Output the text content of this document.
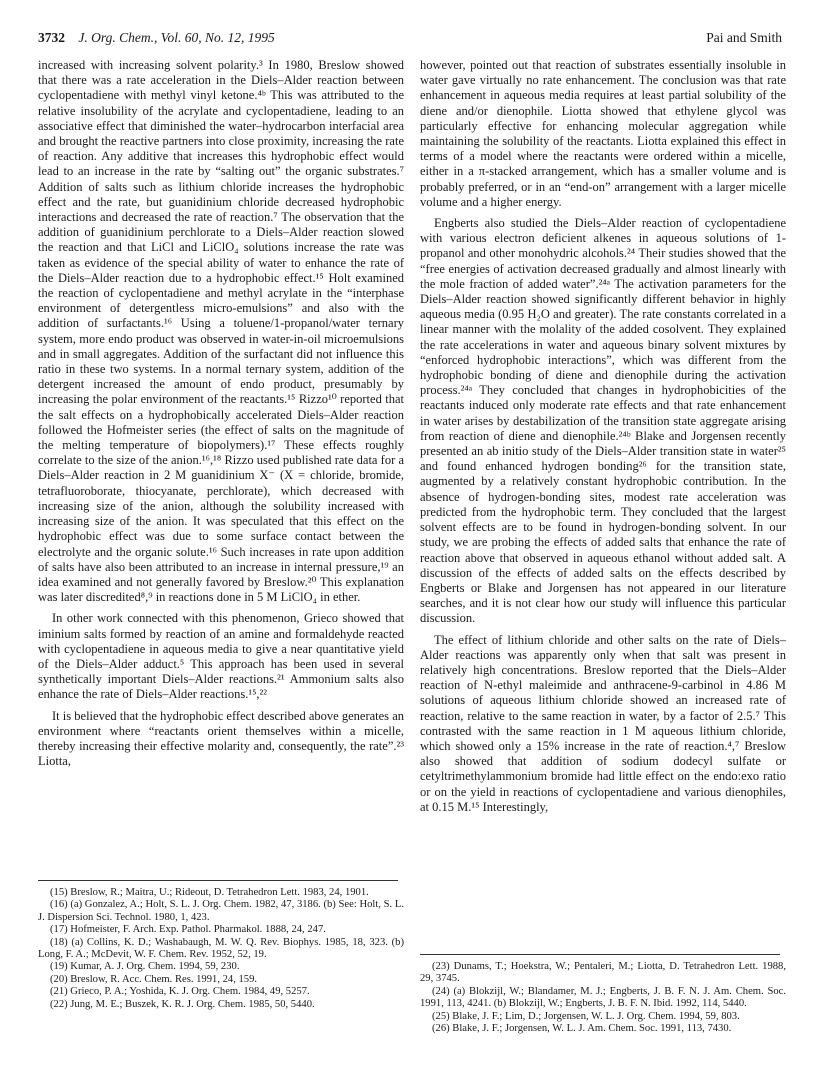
3732 J. Org. Chem., Vol. 60, No. 12, 1995	Pai and Smith

increased with increasing solvent polarity.³ In 1980, Breslow showed that there was a rate acceleration in the Diels–Alder reaction between cyclopentadiene with methyl vinyl ketone.⁴ᵇ This was attributed to the relative insolubility of the acrylate and cyclopentadiene, leading to an associative effect that diminished the water–hydrocarbon interfacial area and brought the reactive partners into close proximity, increasing the rate of reaction. Any additive that increases this hydrophobic effect would lead to an increase in the rate by “salting out” the organic substrates.⁷ Addition of salts such as lithium chloride increases the hydrophobic effect and the rate, but guanidinium chloride decreased hydrophobic interactions and decreased the rate of reaction.⁷ The observation that the addition of guanidinium perchlorate to a Diels–Alder reaction slowed the reaction and that LiCl and LiClO₄ solutions increase the rate was taken as evidence of the special ability of water to enhance the rate of the Diels–Alder reaction due to a hydrophobic effect.¹⁵ Holt examined the reaction of cyclopentadiene and methyl acrylate in the “interphase environment of detergentless micro-emulsions” and also with the addition of surfactants.¹⁶ Using a toluene/1-propanol/water ternary system, more endo product was observed in water-in-oil microemulsions and in small aggregates. Addition of the surfactant did not influence this ratio in these two systems. In a normal ternary system, addition of the detergent increased the amount of endo product, presumably by increasing the polar environment of the reactants.¹⁵ Rizzo¹⁰ reported that the salt effects on a hydrophobically accelerated Diels–Alder reaction followed the Hofmeister series (the effect of salts on the magnitude of the melting temperature of biopolymers).¹⁷ These effects roughly correlate to the size of the anion.¹⁶,¹⁸ Rizzo used published rate data for a Diels–Alder reaction in 2 M guanidinium X⁻ (X = chloride, bromide, tetrafluoroborate, thiocyanate, perchlorate), which decreased with increasing size of the anion, although the solubility increased with increasing size of the anion. It was speculated that this effect on the hydrophobic effect was due to some surface contact between the electrolyte and the organic solute.¹⁶ Such increases in rate upon addition of salts have also been attributed to an increase in internal pressure,¹⁹ an idea examined and not generally favored by Breslow.²⁰ This explanation was later discredited⁸,⁹ in reactions done in 5 M LiClO₄ in ether.

In other work connected with this phenomenon, Grieco showed that iminium salts formed by reaction of an amine and formaldehyde reacted with cyclopentadiene in aqueous media to give a near quantitative yield of the Diels–Alder adduct.⁵ This approach has been used in several synthetically important Diels–Alder reactions.²¹ Ammonium salts also enhance the rate of Diels–Alder reactions.¹⁵,²²

It is believed that the hydrophobic effect described above generates an environment where “reactants orient themselves within a micelle, thereby increasing their effective molarity and, consequently, the rate”.²³ Liotta,

however, pointed out that reaction of substrates essentially insoluble in water gave virtually no rate enhancement. The conclusion was that rate enhancement in aqueous media requires at least partial solubility of the diene and/or dienophile. Liotta showed that ethylene glycol was particularly effective for enhancing molecular aggregation while maintaining the solubility of the reactants. Liotta explained this effect in terms of a model where the reactants were ordered within a micelle, either in a π-stacked arrangement, which has a smaller volume and is probably preferred, or in an “end-on” arrangement with a larger micelle volume and a higher energy.

Engberts also studied the Diels–Alder reaction of cyclopentadiene with various electron deficient alkenes in aqueous solutions of 1-propanol and other monohydric alcohols.²⁴ Their studies showed that the “free energies of activation decreased gradually and almost linearly with the mole fraction of added water”.²⁴ᵃ The activation parameters for the Diels–Alder reaction showed significantly different behavior in highly aqueous media (0.95 H₂O and greater). The rate constants correlated in a linear manner with the molality of the added cosolvent. They explained the rate accelerations in water and aqueous binary solvent mixtures by “enforced hydrophobic interactions”, which was different from the hydrophobic bonding of diene and dienophile during the activation process.²⁴ᵃ They concluded that changes in hydrophobicities of the reactants induced only moderate rate effects and that rate enhancement in water arises by destabilization of the transition state aggregate arising from reaction of diene and dienophile.²⁴ᵇ Blake and Jorgensen recently presented an ab initio study of the Diels–Alder transition state in water²⁵ and found enhanced hydrogen bonding²⁶ for the transition state, augmented by a relatively constant hydrophobic contribution. In the absence of hydrogen-bonding sites, modest rate acceleration was predicted from the hydrophobic term. They concluded that the largest solvent effects are to be found in hydrogen-bonding solvent. In our study, we are probing the effects of added salts that enhance the rate of reaction above that observed in aqueous ethanol without added salt. A discussion of the effects of added salts on the effects described by Engberts or Blake and Jorgensen has not appeared in our literature searches, and it is not clear how our study will influence this particular discussion.

The effect of lithium chloride and other salts on the rate of Diels–Alder reactions was apparently only when that salt was present in relatively high concentrations. Breslow reported that the Diels–Alder reaction of N-ethyl maleimide and anthracene-9-carbinol in 4.86 M solutions of aqueous lithium chloride showed an increased rate of reaction, relative to the same reaction in water, by a factor of 2.5.⁷ This contrasted with the same reaction in 1 M aqueous lithium chloride, which showed only a 15% increase in the rate of reaction.⁴,⁷ Breslow also showed that addition of sodium dodecyl sulfate or cetyltrimethylammonium bromide had little effect on the endo:exo ratio or on the yield in reactions of cyclopentadiene and various dienophiles, at 0.15 M.¹⁵ Interestingly,

(15) Breslow, R.; Maitra, U.; Rideout, D. Tetrahedron Lett. 1983, 24, 1901.

(16) (a) Gonzalez, A.; Holt, S. L. J. Org. Chem. 1982, 47, 3186. (b) See: Holt, S. L. J. Dispersion Sci. Technol. 1980, 1, 423.

(17) Hofmeister, F. Arch. Exp. Pathol. Pharmakol. 1888, 24, 247.

(18) (a) Collins, K. D.; Washabaugh, M. W. Q. Rev. Biophys. 1985, 18, 323. (b) Long, F. A.; McDevit, W. F. Chem. Rev. 1952, 52, 19.

(19) Kumar, A. J. Org. Chem. 1994, 59, 230.

(20) Breslow, R. Acc. Chem. Res. 1991, 24, 159.

(21) Grieco, P. A.; Yoshida, K. J. Org. Chem. 1984, 49, 5257.

(22) Jung, M. E.; Buszek, K. R. J. Org. Chem. 1985, 50, 5440.

(23) Dunams, T.; Hoekstra, W.; Pentaleri, M.; Liotta, D. Tetrahedron Lett. 1988, 29, 3745.

(24) (a) Blokzijl, W.; Blandamer, M. J.; Engberts, J. B. F. N. J. Am. Chem. Soc. 1991, 113, 4241. (b) Blokzijl, W.; Engberts, J. B. F. N. Ibid. 1992, 114, 5440.

(25) Blake, J. F.; Lim, D.; Jorgensen, W. L. J. Org. Chem. 1994, 59, 803.

(26) Blake, J. F.; Jorgensen, W. L. J. Am. Chem. Soc. 1991, 113, 7430.
